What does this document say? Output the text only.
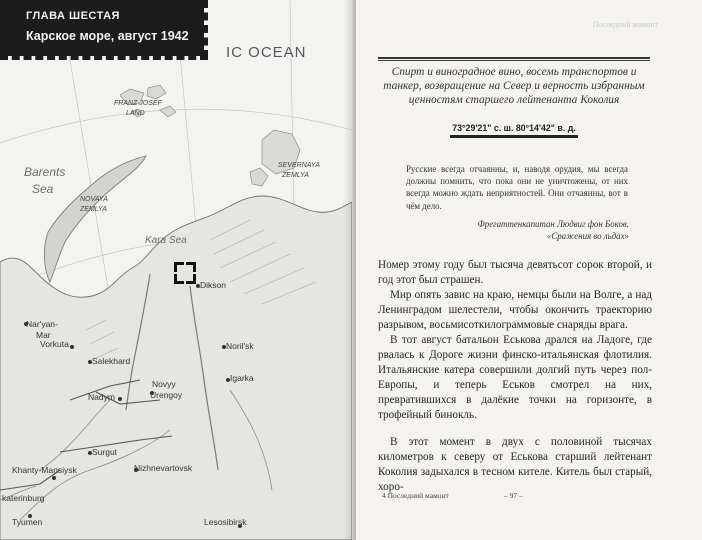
IC OCEAN
Barents
Sea
Kara Sea
FRANZ JOSEF
LAND
SEVERNAYA
ZEMLYA
NOVAYA
ZEMLYA
Dikson
Nar'yan-
Mar
Vorkuta
Salekhard
Noril'sk
Igarka
Novyy
Urengoy
Nadym
Surgut
Khanty-Mansiysk	Nizhnevartovsk
katerinburg
Tyumen	Lesosibirsk
ГЛАВА ШЕСТАЯ
Карское море, август 1942
Последний мамонт
Спирт и виноградное вино, восемь транспортов и танкер, возвращение на Север и верность избранным ценностям старшего лейтенанта Коколия
73°29'21" с. ш. 80°14'42" в. д.
Русские всегда отчаянны, и, наводя орудия, мы всегда должны помнить, что пока они не уничтожены, от них всегда можно ждать неприятностей. Они отчаянны, вот в чём дело.
Фрегаттенкапитан Людвиг фон Боков.
«Сражения во льдах»

Номер этому году был тысяча девятьсот сорок второй, и год этот был страшен.

Мир опять завис на краю, немцы были на Волге, а над Ленинградом шелестели, чтобы окончить траекторию разрывом, восьмисоткилограммовые снаряды врага.

В тот август батальон Еськова дрался на Ладоге, где рвалась к Дороге жизни финско-итальянская флотилия. Итальянские катера совершили долгий путь через пол-Европы, и теперь Еськов смотрел на них, превратившихся в далёкие точки на горизонте, в трофейный бинокль.

В этот момент в двух с половиной тысячах километров к северу от Еськова старший лейтенант Коколия задыхался в тесном кителе. Китель был старый, хоро-

4 Последний мамонт	– 97 –
